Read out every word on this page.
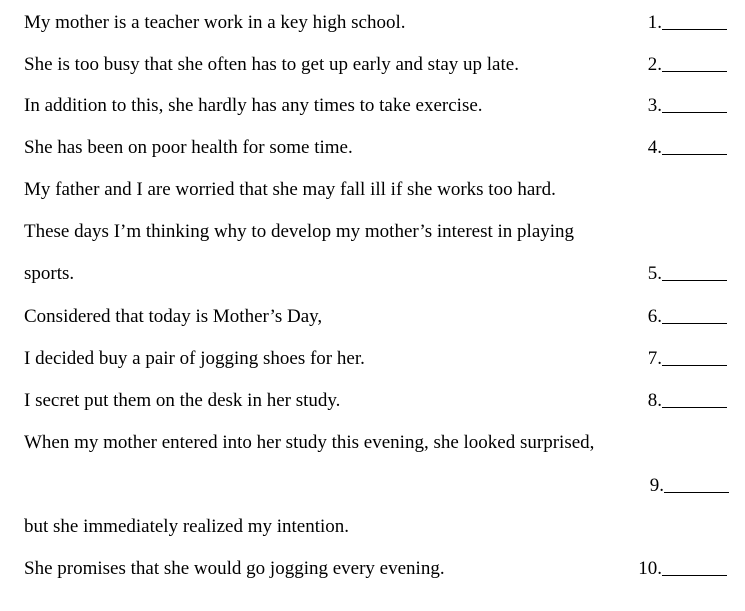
My mother is a teacher work in a key high school.	1.
She is too busy that she often has to get up early and stay up late.	2.
In addition to this, she hardly has any times to take exercise.	3.
She has been on poor health for some time.	4.
My father and I are worried that she may fall ill if she works too hard.
These days I’m thinking why to develop my mother’s interest in playing
sports.	5.
Considered that today is Mother’s Day,	6.
I decided buy a pair of jogging shoes for her.	7.
I secret put them on the desk in her study.	8.
When my mother entered into her study this evening, she looked surprised,
9.
but she immediately realized my intention.
She promises that she would go jogging every evening.	10.
